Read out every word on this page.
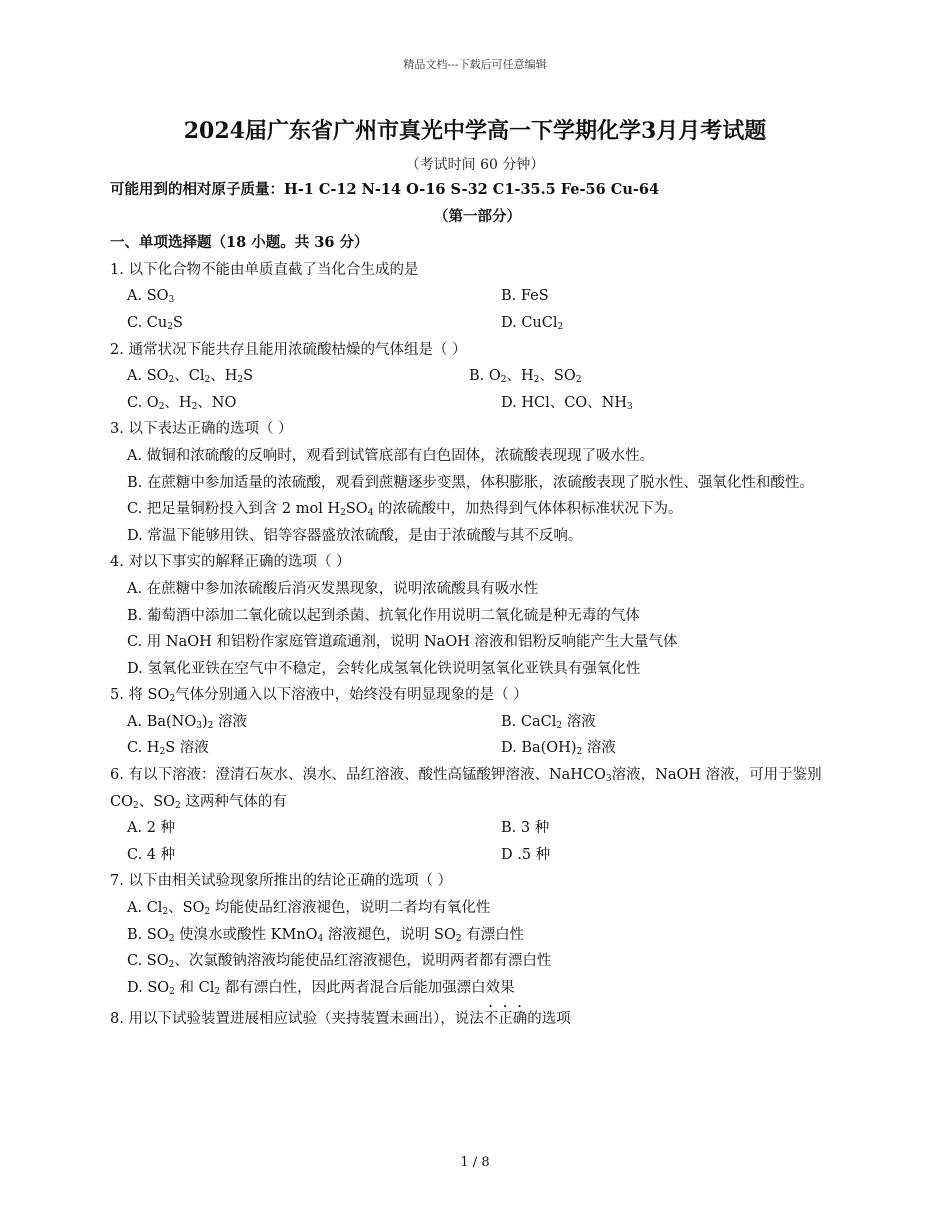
精品文档---下载后可任意编辑
2024届广东省广州市真光中学高一下学期化学3月月考试题
（考试时间 60 分钟）
可能用到的相对原子质量：H-1 C-12 N-14 O-16 S-32 C1-35.5 Fe-56 Cu-64
（第一部分）
一、单项选择题（18 小题。共 36 分）
1. 以下化合物不能由单质直截了当化合生成的是
A. $SO_3$	B. FeS
C. $Cu_2S$	D. CuCl$_2$
2. 通常状况下能共存且能用浓硫酸枯燥的气体组是（ ）
A. $SO_2$、$Cl_2$、$H_2S$	B. $O_2$、$H_2$、$SO_2$
C. $O_2$、$H_2$、NO	D. HCl、CO、$NH_3$
3. 以下表达正确的选项（ ）
A. 做铜和浓硫酸的反响时，观看到试管底部有白色固体，浓硫酸表现现了吸水性。
B. 在蔗糖中参加适量的浓硫酸，观看到蔗糖逐步变黑，体积膨胀，浓硫酸表现了脱水性、强氧化性和酸性。
C. 把足量铜粉投入到含 2 mol $H_2SO_4$ 的浓硫酸中，加热得到气体体积标准状况下为。
D. 常温下能够用铁、铝等容器盛放浓硫酸，是由于浓硫酸与其不反响。
4. 对以下事实的解释正确的选项（ ）
A. 在蔗糖中参加浓硫酸后消灭发黑现象，说明浓硫酸具有吸水性
B. 葡萄酒中添加二氧化硫以起到杀菌、抗氧化作用说明二氧化硫是种无毒的气体
C. 用 NaOH 和铝粉作家庭管道疏通剂，说明 NaOH 溶液和铝粉反响能产生大量气体
D. 氢氧化亚铁在空气中不稳定，会转化成氢氧化铁说明氢氧化亚铁具有强氧化性
5. 将 $SO_2$气体分别通入以下溶液中，始终没有明显现象的是（ ）
A. $Ba(NO_3)_2$ 溶液	B. CaCl$_2$ 溶液
C. $H_2S$ 溶液	D. $Ba(OH)_2$ 溶液
6. 有以下溶液：澄清石灰水、溴水、品红溶液、酸性高锰酸钾溶液、NaHCO$_3$溶液，NaOH 溶液，可用于鉴别 $CO_2$、$SO_2$ 这两种气体的有
A. 2 种	B. 3 种
C. 4 种	D .5 种
7. 以下由相关试验现象所推出的结论正确的选项（ ）
A. $Cl_2$、$SO_2$ 均能使品红溶液褪色，说明二者均有氧化性
B. $SO_2$ 使溴水或酸性 KMnO$_4$ 溶液褪色，说明 $SO_2$ 有漂白性
C. $SO_2$、次氯酸钠溶液均能使品红溶液褪色，说明两者都有漂白性
D. $SO_2$ 和 $Cl_2$ 都有漂白性，因此两者混合后能加强漂白效果
8. 用以下试验装置进展相应试验（夹持装置未画出），说法不正确的选项
1 / 8
